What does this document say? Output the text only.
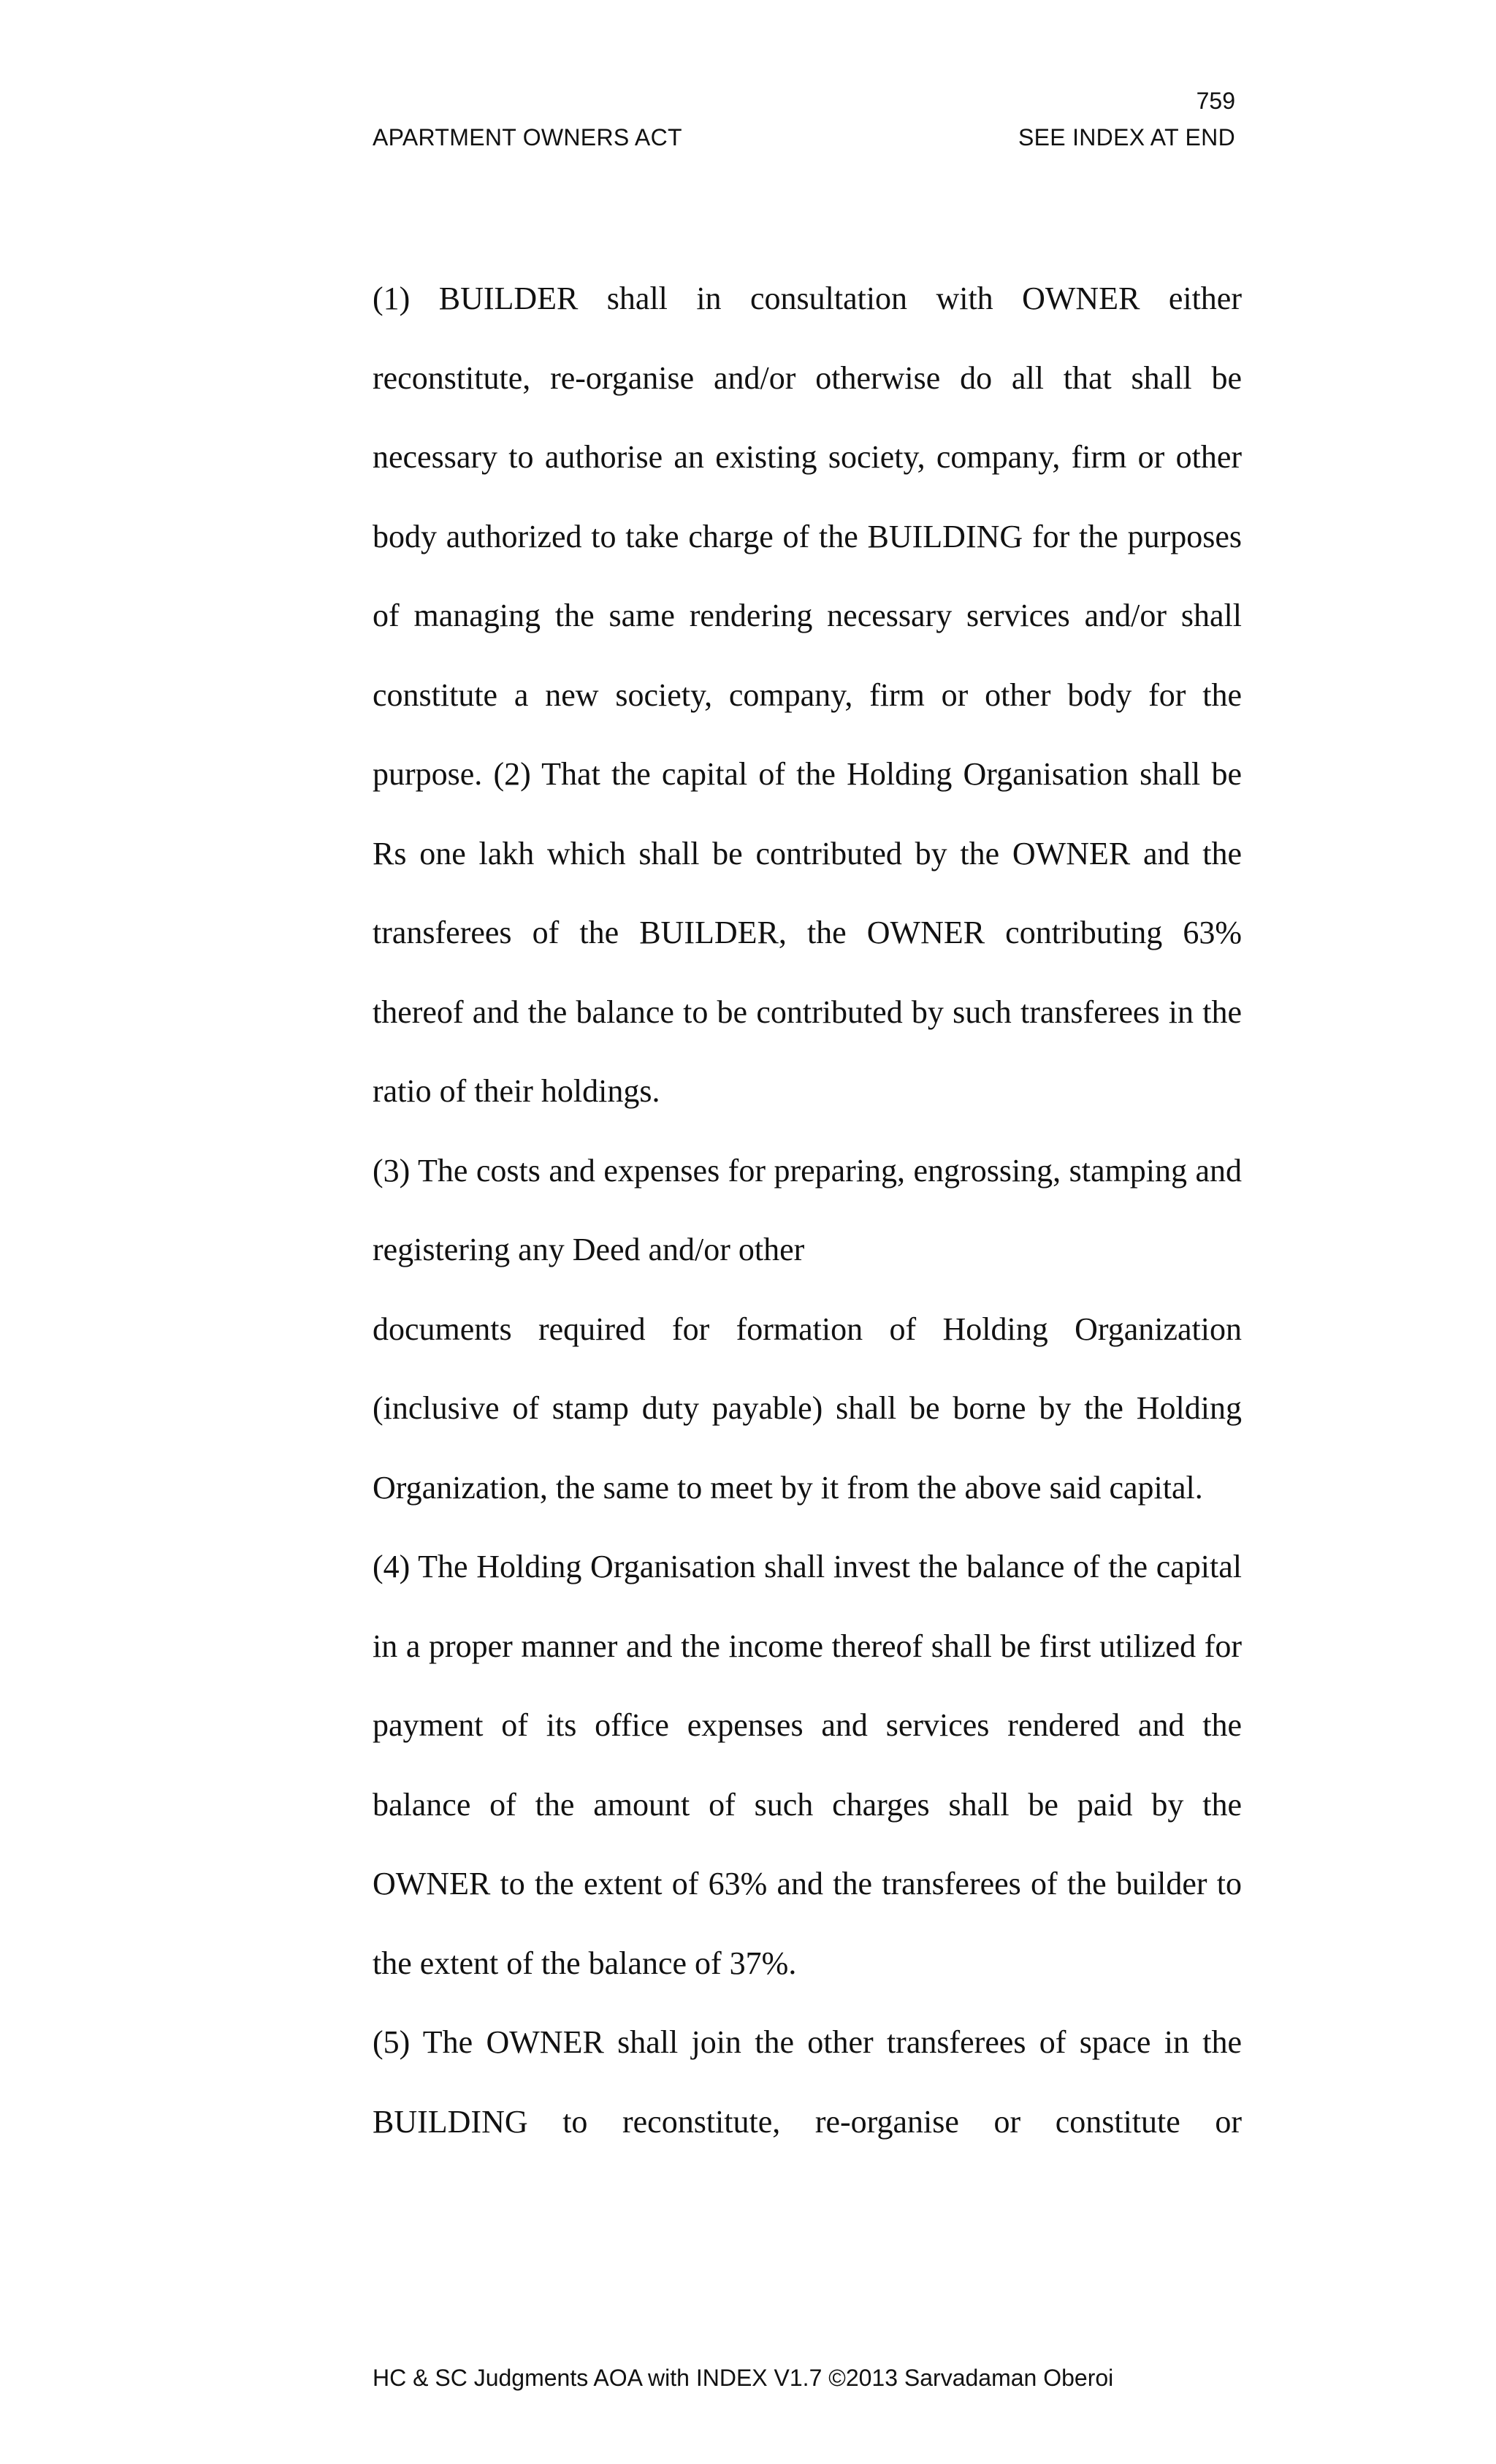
759
APARTMENT OWNERS ACT	SEE INDEX AT END

(1) BUILDER shall in consultation with OWNER either reconstitute, re-organise and/or otherwise do all that shall be necessary to authorise an existing society, company, firm or other body authorized to take charge of the BUILDING for the purposes of managing the same rendering necessary services and/or shall constitute a new society, company, firm or other body for the purpose. (2) That the capital of the Holding Organisation shall be Rs one lakh which shall be contributed by the OWNER and the transferees of the BUILDER, the OWNER contributing 63% thereof and the balance to be contributed by such transferees in the ratio of their holdings.

(3) The costs and expenses for preparing, engrossing, stamping and registering any Deed and/or other

documents required for formation of Holding Organization (inclusive of stamp duty payable) shall be borne by the Holding Organization, the same to meet by it from the above said capital.

(4) The Holding Organisation shall invest the balance of the capital in a proper manner and the income thereof shall be first utilized for payment of its office expenses and services rendered and the balance of the amount of such charges shall be paid by the OWNER to the extent of 63% and the transferees of the builder to the extent of the balance of 37%.

(5) The OWNER shall join the other transferees of space in the BUILDING to reconstitute, re-organise or constitute or

HC & SC Judgments AOA with INDEX V1.7 ©2013 Sarvadaman Oberoi
